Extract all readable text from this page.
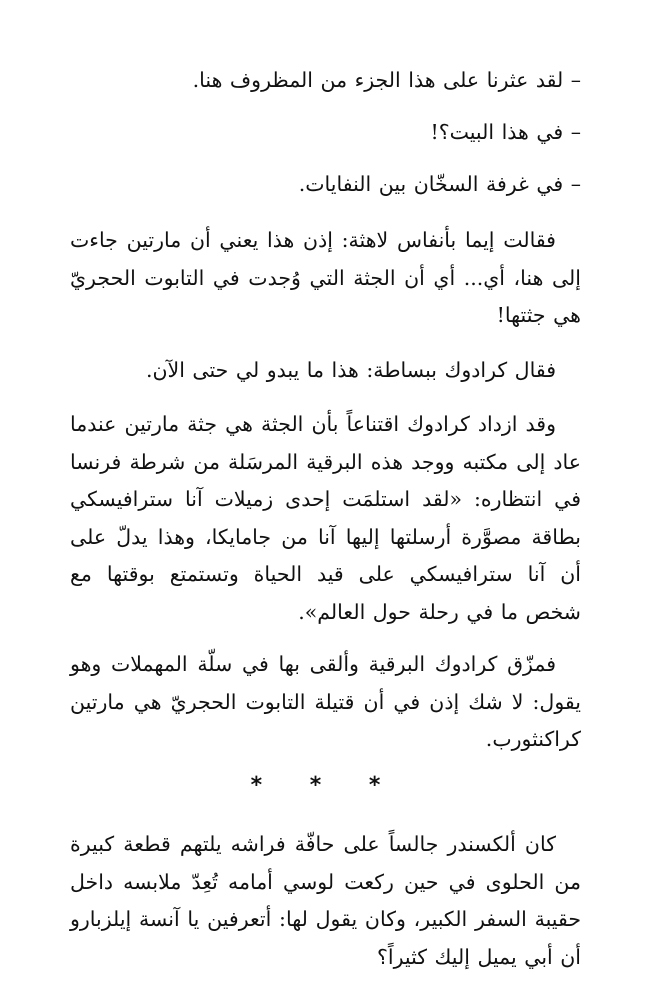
– لقد عثرنا على هذا الجزء من المظروف هنا.

– في هذا البيت؟!

– في غرفة السخّان بين النفايات.

فقالت إيما بأنفاس لاهثة: إذن هذا يعني أن مارتين جاءت إلى هنا، أي... أي أن الجثة التي وُجدت في التابوت الحجريّ هي جثتها!

فقال كرادوك ببساطة: هذا ما يبدو لي حتى الآن.

وقد ازداد كرادوك اقتناعاً بأن الجثة هي جثة مارتين عندما عاد إلى مكتبه ووجد هذه البرقية المرسَلة من شرطة فرنسا في انتظاره: «لقد استلمَت إحدى زميلات آنا سترافيسكي بطاقة مصوَّرة أرسلتها إليها آنا من جامايكا، وهذا يدلّ على أن آنا سترافيسكي على قيد الحياة وتستمتع بوقتها مع شخص ما في رحلة حول العالم».

فمزّق كرادوك البرقية وألقى بها في سلّة المهملات وهو يقول: لا شك إذن في أن قتيلة التابوت الحجريّ هي مارتين كراكنثورب.

* * *

كان ألكسندر جالساً على حافّة فراشه يلتهم قطعة كبيرة من الحلوى في حين ركعت لوسي أمامه تُعِدّ ملابسه داخل حقيبة السفر الكبير، وكان يقول لها: أتعرفين يا آنسة إيلزبارو أن أبي يميل إليك كثيراً؟
